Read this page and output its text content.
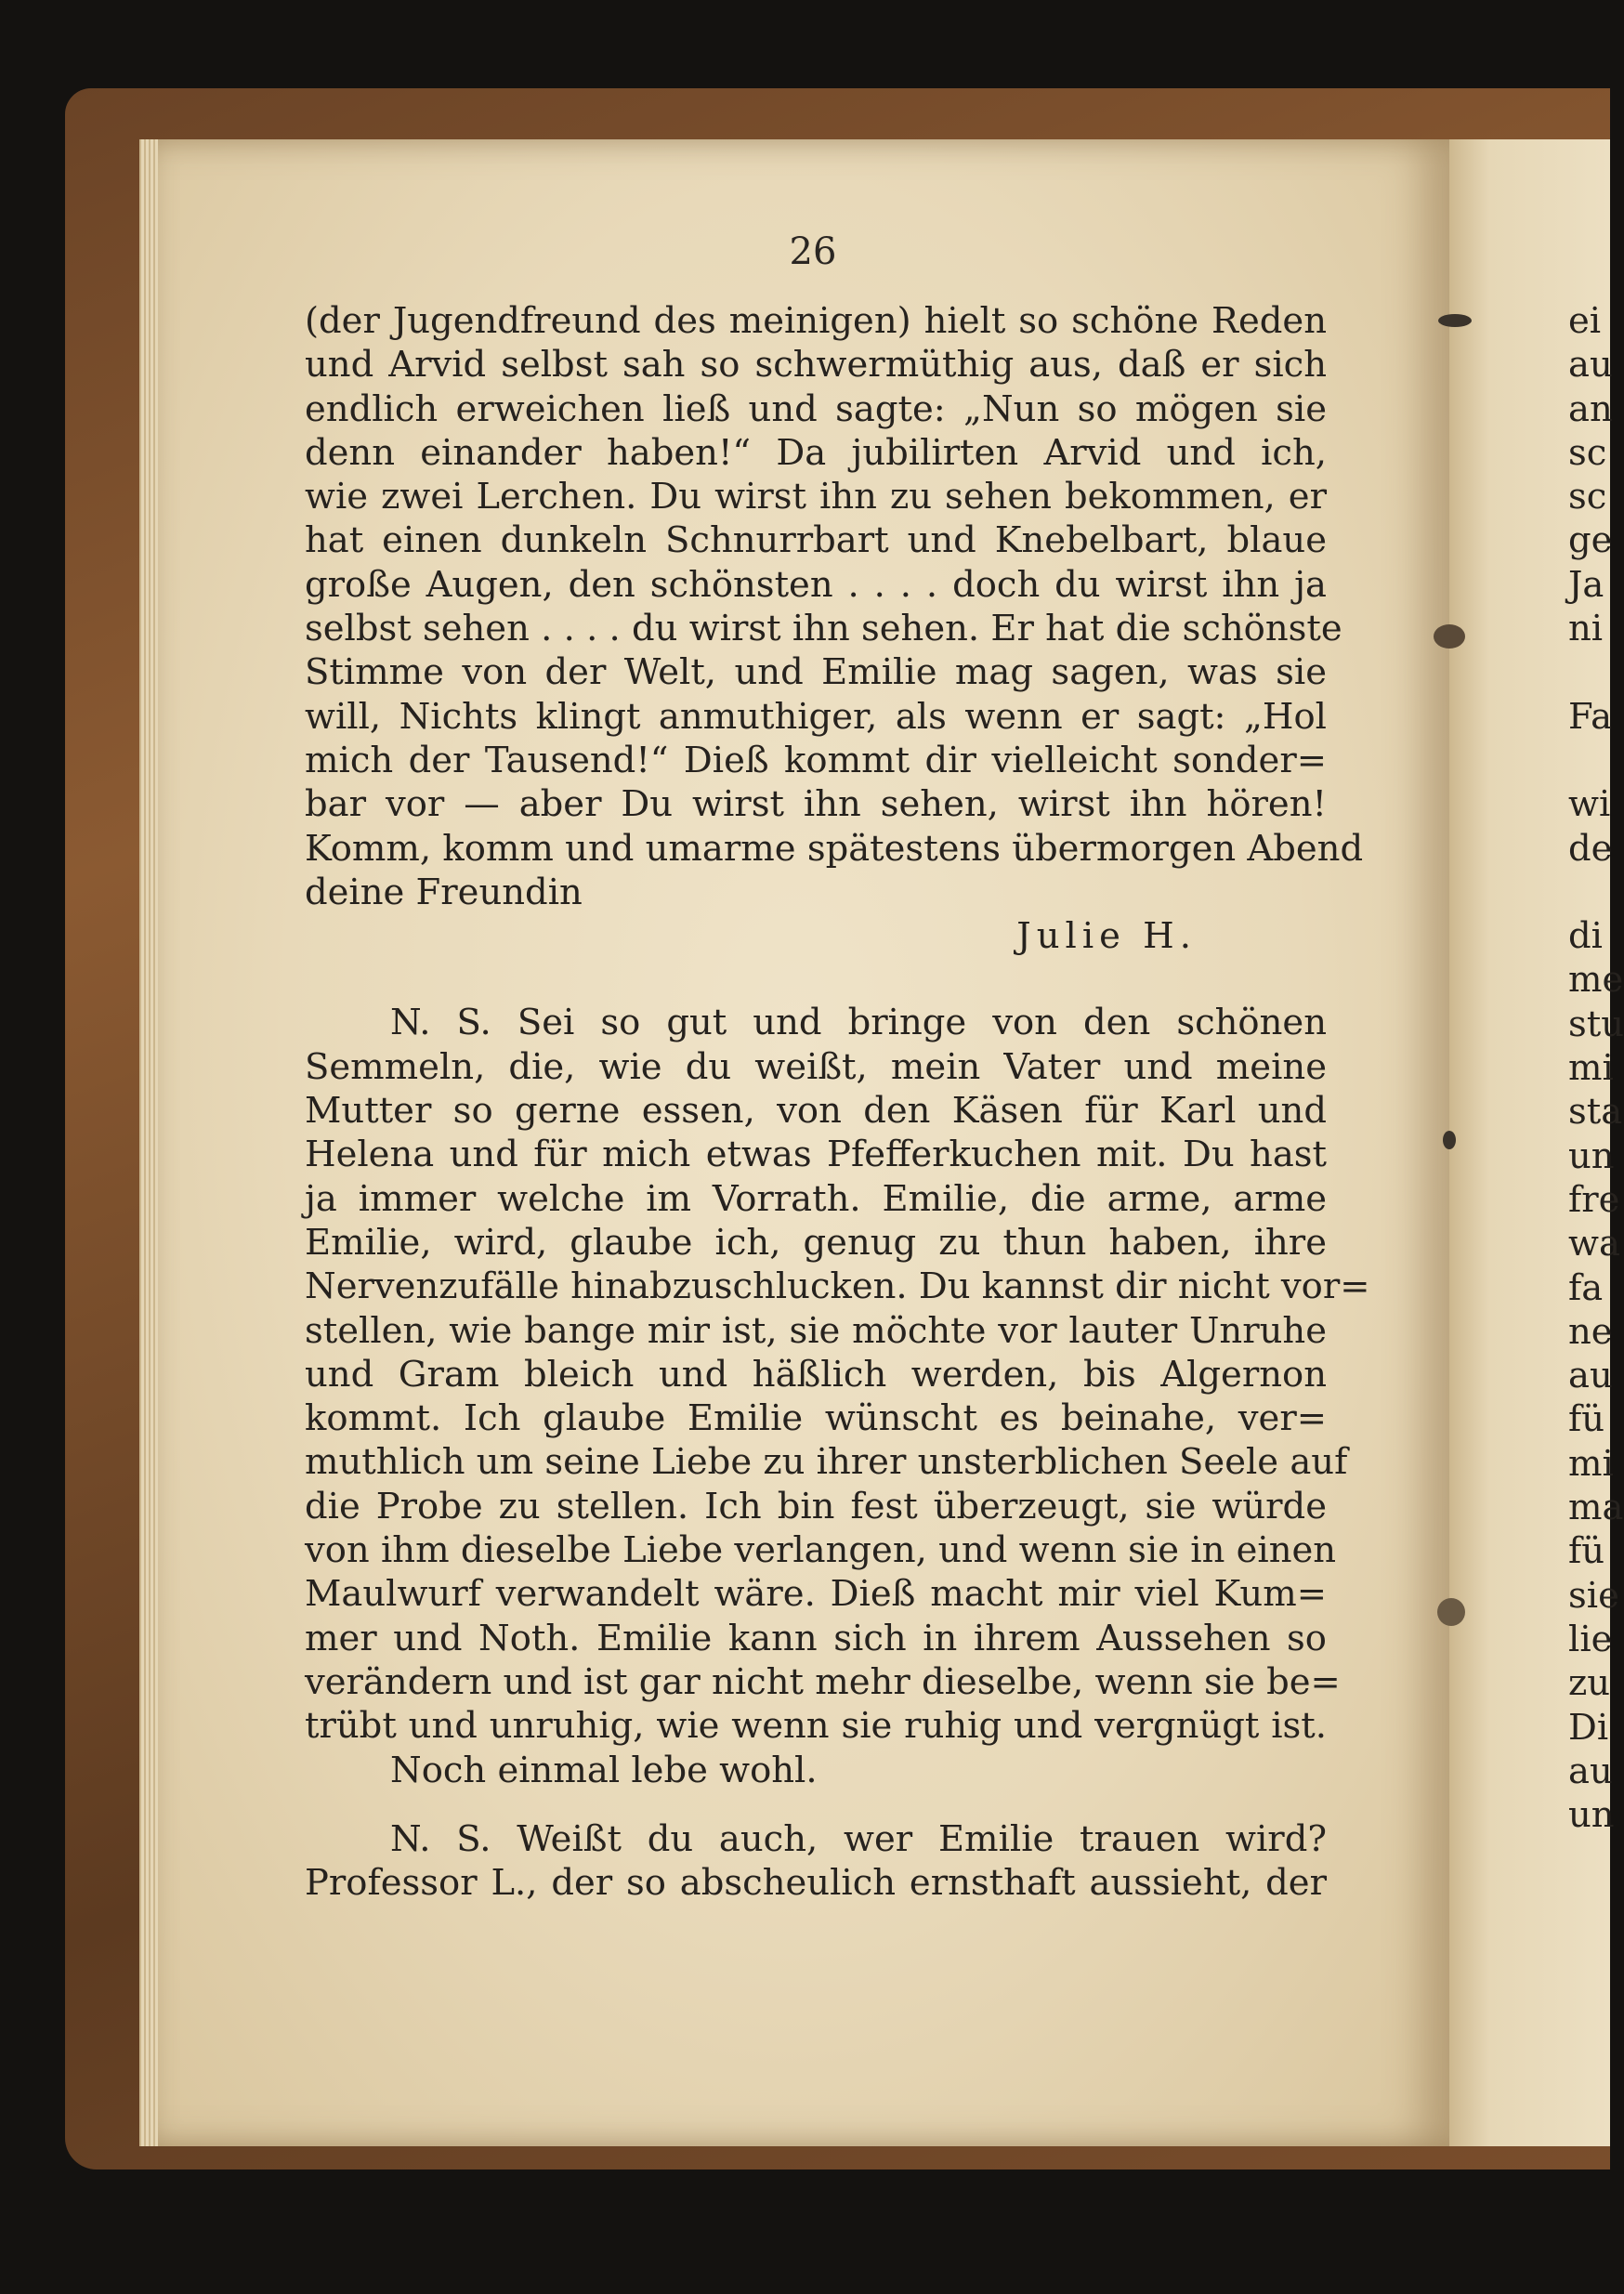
26
(der Jugendfreund des meinigen) hielt so schöne Reden
und Arvid selbst sah so schwermüthig aus, daß er sich
endlich erweichen ließ und sagte: „Nun so mögen sie
denn einander haben!“ Da jubilirten Arvid und ich,
wie zwei Lerchen. Du wirst ihn zu sehen bekommen, er
hat einen dunkeln Schnurrbart und Knebelbart, blaue
große Augen, den schönsten . . . . doch du wirst ihn ja
selbst sehen . . . . du wirst ihn sehen. Er hat die schönste
Stimme von der Welt, und Emilie mag sagen, was sie
will, Nichts klingt anmuthiger, als wenn er sagt: „Hol
mich der Tausend!“ Dieß kommt dir vielleicht sonder=
bar vor — aber Du wirst ihn sehen, wirst ihn hören!
Komm, komm und umarme spätestens übermorgen Abend
deine Freundin
Julie H.
N. S. Sei so gut und bringe von den schönen
Semmeln, die, wie du weißt, mein Vater und meine
Mutter so gerne essen, von den Käsen für Karl und
Helena und für mich etwas Pfefferkuchen mit. Du hast
ja immer welche im Vorrath. Emilie, die arme, arme
Emilie, wird, glaube ich, genug zu thun haben, ihre
Nervenzufälle hinabzuschlucken. Du kannst dir nicht vor=
stellen, wie bange mir ist, sie möchte vor lauter Unruhe
und Gram bleich und häßlich werden, bis Algernon
kommt. Ich glaube Emilie wünscht es beinahe, ver=
muthlich um seine Liebe zu ihrer unsterblichen Seele auf
die Probe zu stellen. Ich bin fest überzeugt, sie würde
von ihm dieselbe Liebe verlangen, und wenn sie in einen
Maulwurf verwandelt wäre. Dieß macht mir viel Kum=
mer und Noth. Emilie kann sich in ihrem Aussehen so
verändern und ist gar nicht mehr dieselbe, wenn sie be=
trübt und unruhig, wie wenn sie ruhig und vergnügt ist.
Noch einmal lebe wohl.
N. S. Weißt du auch, wer Emilie trauen wird?
Professor L., der so abscheulich ernsthaft aussieht, der
ei
au
an
sc
sc
ge
Ja
ni
Fa
wi
de
di
me
stu
mi
sta
un
fre
wa
fa
ne
au
fü
mi
ma
fü
sie
lie
zu
Di
au
un
